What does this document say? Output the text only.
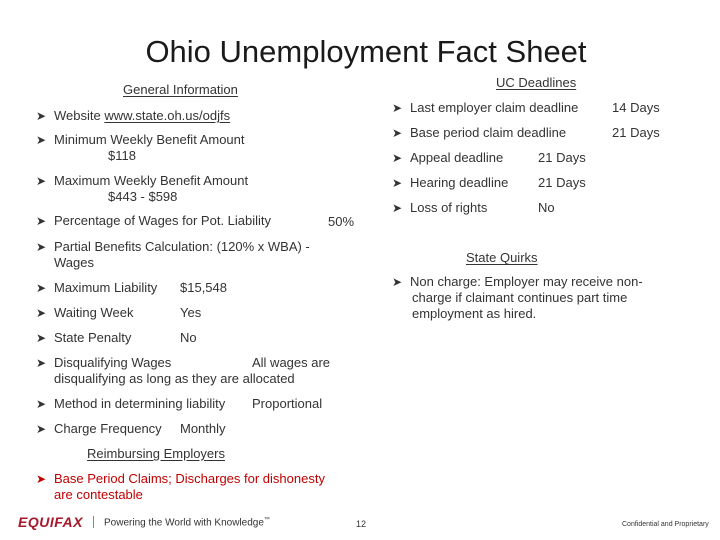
Ohio Unemployment Fact Sheet
General Information
➤ Website www.state.oh.us/odjfs
➤ Minimum Weekly Benefit Amount
$118
➤ Maximum Weekly Benefit Amount
$443 - $598
➤ Percentage of Wages for Pot. Liability	50%
➤ Partial Benefits Calculation: (120% x WBA) -
Wages
➤ Maximum Liability $15,548
➤ Waiting Week	Yes
➤ State Penalty	No
➤ Disqualifying Wages	All wages are
disqualifying as long as they are allocated
➤ Method in determining liability Proportional
➤ Charge Frequency Monthly
Reimbursing Employers
➤ Base Period Claims; Discharges for dishonesty
are contestable
UC Deadlines
➤ Last employer claim deadline	14 Days
➤ Base period claim deadline	21 Days
➤ Appeal deadline	21 Days
➤ Hearing deadline 21 Days
➤ Loss of rights	No
State Quirks
➤ Non charge: Employer may receive non-
charge if claimant continues part time
employment as hired.
EQUIFAX Powering the World with Knowledge™	12	Confidential and Proprietary
